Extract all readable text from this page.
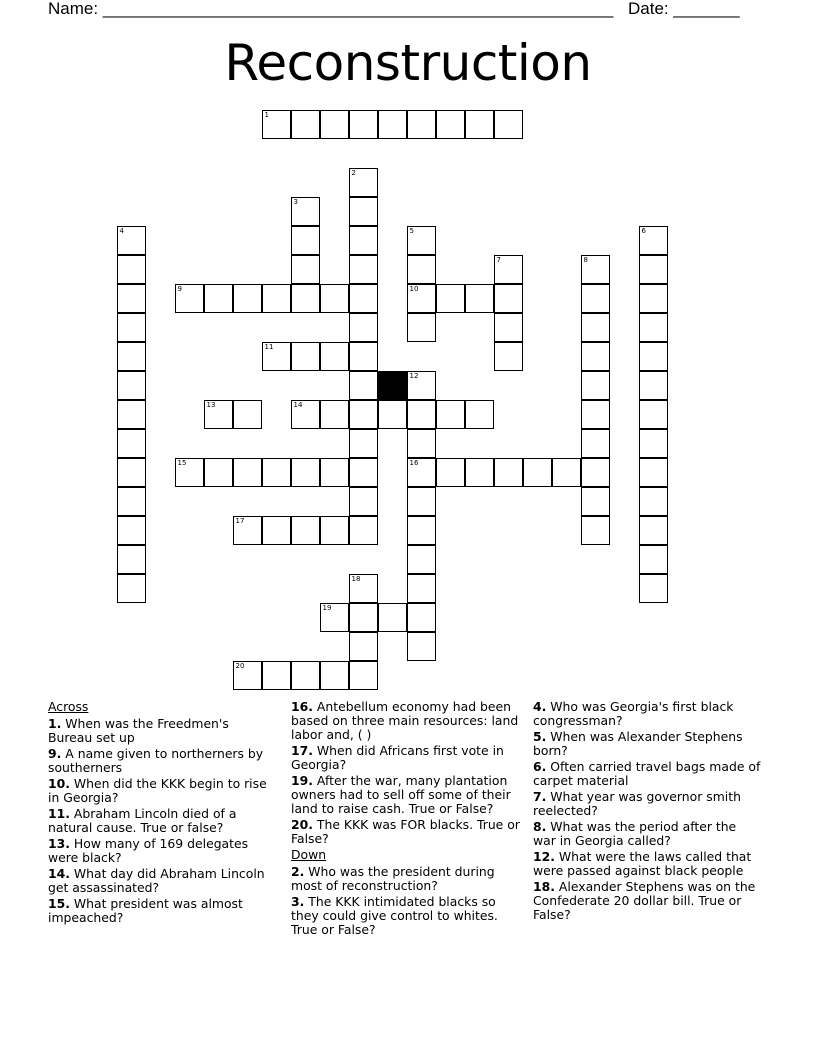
Name: ______________________________________________________ Date: _______
Reconstruction
1
2
3
4	5	6
7	8
9	10
11
12
13	14
15	16
17
18
19
20
Across
1. When was the Freedmen's Bureau set up
9. A name given to northerners by southerners
10. When did the KKK begin to rise in Georgia?
11. Abraham Lincoln died of a natural cause. True or false?
13. How many of 169 delegates were black?
14. What day did Abraham Lincoln get assassinated?
15. What president was almost impeached?
16. Antebellum economy had been based on three main resources: land labor and, ( )
17. When did Africans first vote in Georgia?
19. After the war, many plantation owners had to sell off some of their land to raise cash. True or False?
20. The KKK was FOR blacks. True or False?
Down
2. Who was the president during most of reconstruction?
3. The KKK intimidated blacks so they could give control to whites. True or False?
4. Who was Georgia's first black congressman?
5. When was Alexander Stephens born?
6. Often carried travel bags made of carpet material
7. What year was governor smith reelected?
8. What was the period after the war in Georgia called?
12. What were the laws called that were passed against black people
18. Alexander Stephens was on the Confederate 20 dollar bill. True or False?
